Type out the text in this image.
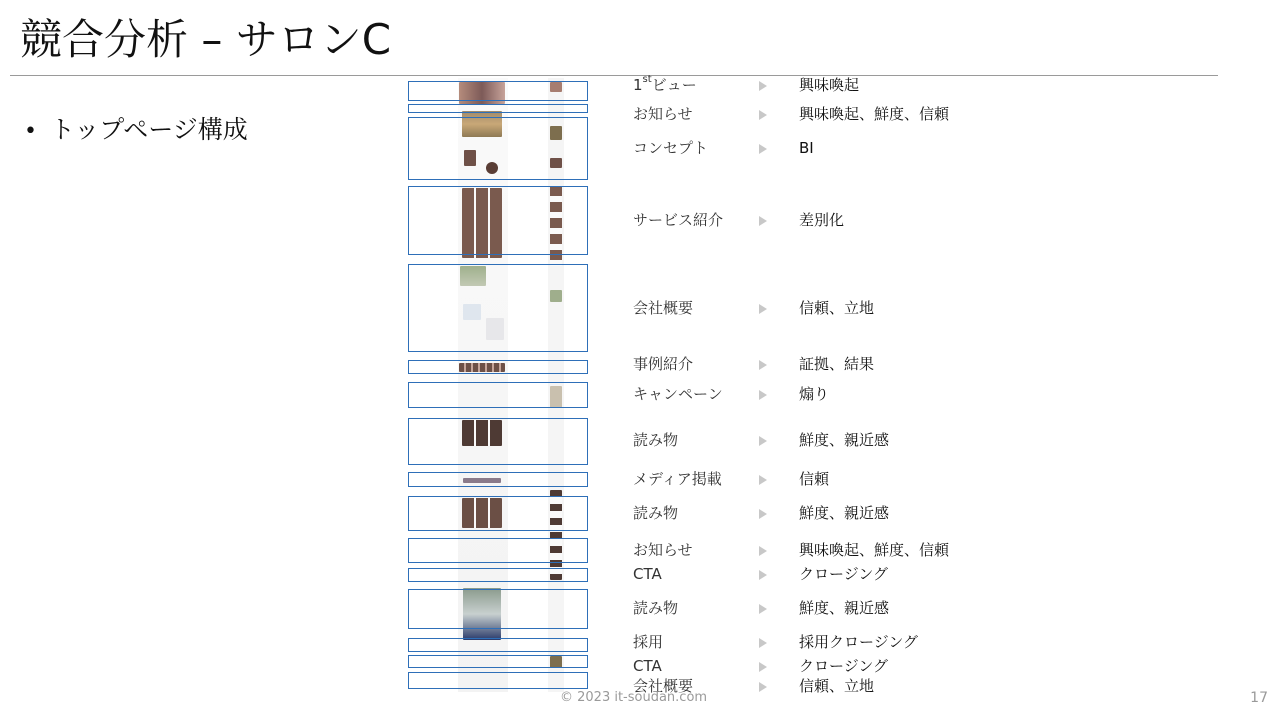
競合分析 – サロンC
• トップページ構成
1stビュー	興味喚起
お知らせ	興味喚起、鮮度、信頼
コンセプト	BI
サービス紹介	差別化
会社概要	信頼、立地
事例紹介	証拠、結果
キャンペーン	煽り
読み物	鮮度、親近感
メディア掲載	信頼
読み物	鮮度、親近感
お知らせ	興味喚起、鮮度、信頼
CTA	クロージング
読み物	鮮度、親近感
採用	採用クロージング
CTA	クロージング
会社概要	信頼、立地
© 2023 it-soudan.com	17
